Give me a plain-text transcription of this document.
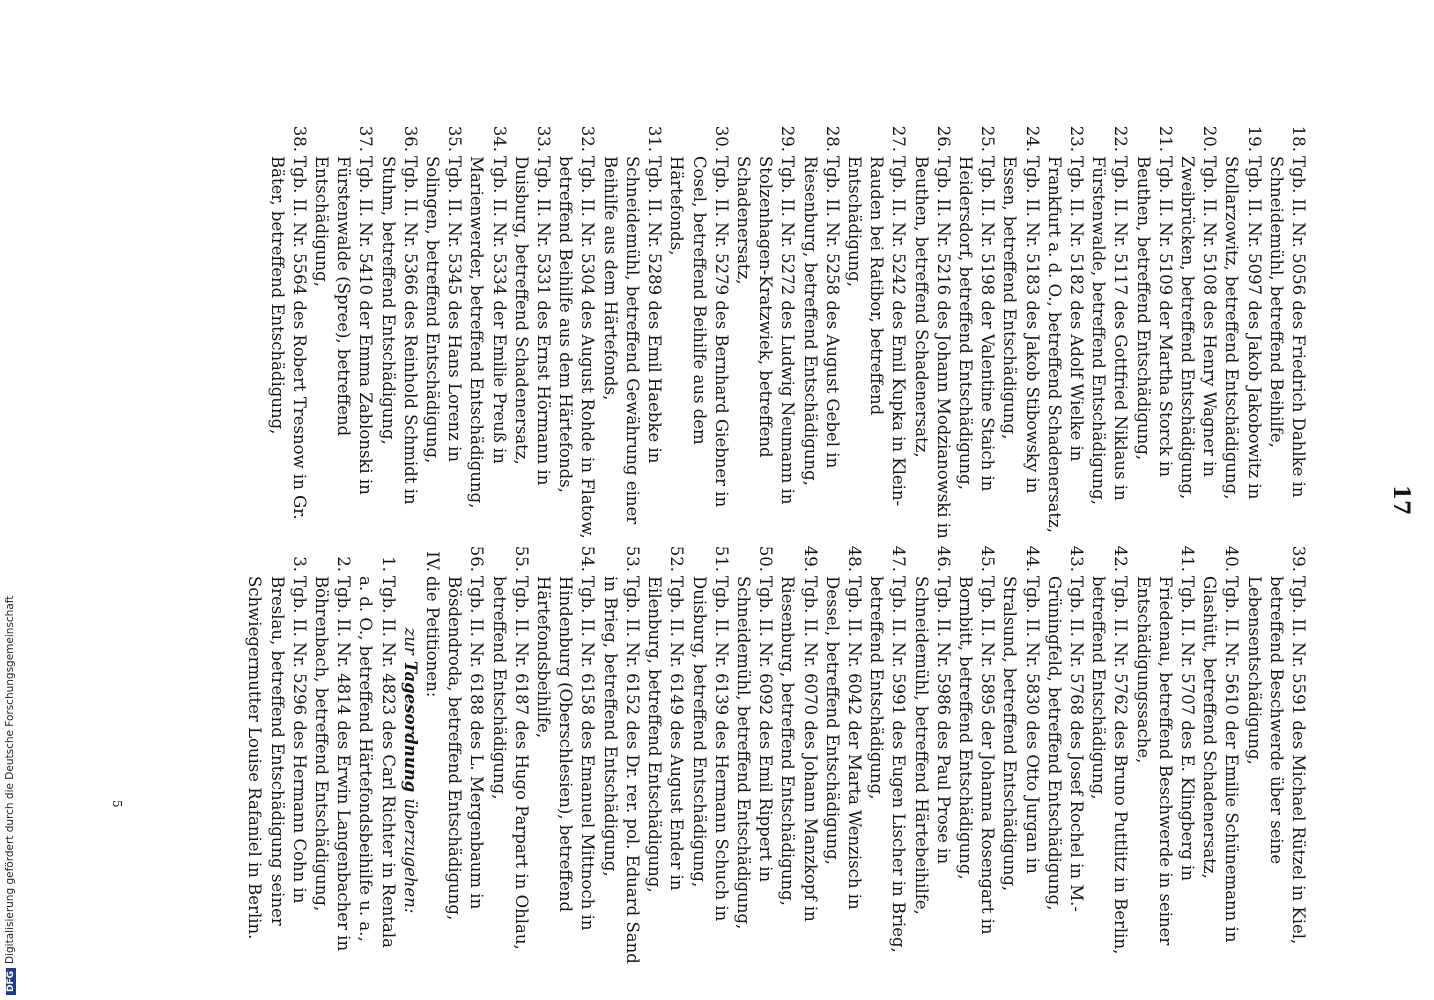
17
18.
Tgb. II. Nr. 5056 des Friedrich Dahlke in Schneidemühl, betreffend Beihilfe,
19.
Tgb. II. Nr. 5097 des Jakob Jakobowitz in Stollarzowitz, betreffend Entschädigung,
20.
Tgb. II. Nr. 5108 des Henry Wagner in Zweibrücken, betreffend Entschädigung,
21.
Tgb. II. Nr. 5109 der Martha Storck in Beuthen, betreffend Entschädigung,
22.
Tgb. II. Nr. 5117 des Gottfried Niklaus in Fürstenwalde, betreffend Entschädigung,
23.
Tgb. II. Nr. 5182 des Adolf Wielke in Frankfurt a. d. O., betreffend Schadenersatz,
24.
Tgb. II. Nr. 5183 des Jakob Stibowsky in Essen, betreffend Entschädigung,
25.
Tgb. II. Nr. 5198 der Valentine Staich in Heidersdorf, betreffend Entschädigung,
26.
Tgb. II. Nr. 5216 des Johann Modzianowski in Beuthen, betreffend Schadenersatz,
27.
Tgb. II. Nr. 5242 des Emil Kupka in Klein-Rauden bei Ratibor, betreffend Entschädigung,
28.
Tgb. II. Nr. 5258 des August Gebel in Riesenburg, betreffend Entschädigung,
29.
Tgb. II. Nr. 5272 des Ludwig Neumann in Stolzenhagen-Kratzwiek, betreffend Schadenersatz,
30.
Tgb. II. Nr. 5279 des Bernhard Giebner in Cosel, betreffend Beihilfe aus dem Härtefonds,
31.
Tgb. II. Nr. 5289 des Emil Haebke in Schneidemühl, betreffend Gewährung einer Beihilfe aus dem Härtefonds,
32.
Tgb. II. Nr. 5304 des August Rohde in Flatow, betreffend Beihilfe aus dem Härtefonds,
33.
Tgb. II. Nr. 5331 des Ernst Hörmann in Duisburg, betreffend Schadenersatz,
34.
Tgb. II. Nr. 5334 der Emilie Preuß in Marienwerder, betreffend Entschädigung,
35.
Tgb. II. Nr. 5345 des Hans Lorenz in Solingen, betreffend Entschädigung,
36.
Tgb. II. Nr. 5366 des Reinhold Schmidt in Stuhm, betreffend Entschädigung,
37.
Tgb. II. Nr. 5410 der Emma Zablonski in Fürstenwalde (Spree), betreffend Entschädigung,
38.
Tgb. II. Nr. 5564 des Robert Tresnow in Gr. Bäter, betreffend Entschädigung,
39.
Tgb. II. Nr. 5591 des Michael Rützel in Kiel, betreffend Beschwerde über seine Lebensentschädigung,
40.
Tgb. II. Nr. 5610 der Emilie Schünemann in Glashütt, betreffend Schadenersatz,
41.
Tgb. II. Nr. 5707 des E. Klingberg in Friedenau, betreffend Beschwerde in seiner Entschädigungssache,
42.
Tgb. II. Nr. 5762 des Bruno Puttlitz in Berlin, betreffend Entschädigung,
43.
Tgb. II. Nr. 5768 des Josef Rochel in M.-Grüningfeld, betreffend Entschädigung,
44.
Tgb. II. Nr. 5830 des Otto Jurgan in Stralsund, betreffend Entschädigung,
45.
Tgb. II. Nr. 5895 der Johanna Rosengart in Bornbitt, betreffend Entschädigung,
46.
Tgb. II. Nr. 5986 des Paul Prose in Schneidemühl, betreffend Härtebeihilfe,
47.
Tgb. II. Nr. 5991 des Eugen Lischer in Brieg, betreffend Entschädigung,
48.
Tgb. II. Nr. 6042 der Marta Wenzisch in Dessel, betreffend Entschädigung,
49.
Tgb. II. Nr. 6070 des Johann Manzkopf in Riesenburg, betreffend Entschädigung,
50.
Tgb. II. Nr. 6092 des Emil Rippert in Schneidemühl, betreffend Entschädigung,
51.
Tgb. II. Nr. 6139 des Hermann Schuch in Duisburg, betreffend Entschädigung,
52.
Tgb. II. Nr. 6149 des August Ender in Eilenburg, betreffend Entschädigung,
53.
Tgb. II. Nr. 6152 des Dr. rer. pol. Eduard Sand in Brieg, betreffend Entschädigung,
54.
Tgb. II. Nr. 6158 des Emanuel Mittnoch in Hindenburg (Oberschlesien), betreffend Härtefondsbeihilfe,
55.
Tgb. II. Nr. 6187 des Hugo Parpart in Ohlau, betreffend Entschädigung,
56.
Tgb. II. Nr. 6188 des L. Mergenbaum in Bösdendroda, betreffend Entschädigung,
IV.
die Petitionen:
zurTagesordnungüberzugehen:
1.
Tgb. II. Nr. 4823 des Carl Richter in Rentala a. d. O., betreffend Härtefondsbeihilfe u. a.,
2.
Tgb. II. Nr. 4814 des Erwin Langenbacher in Böhrenbach, betreffend Entschädigung,
3.
Tgb. II. Nr. 5296 des Hermann Cohn in Breslau, betreffend Entschädigung seiner Schwiegermutter Louise Rafaniel in Berlin.
5
DFGDigitalisierung gefördert durch die Deutsche Forschungsgemeinschaft
